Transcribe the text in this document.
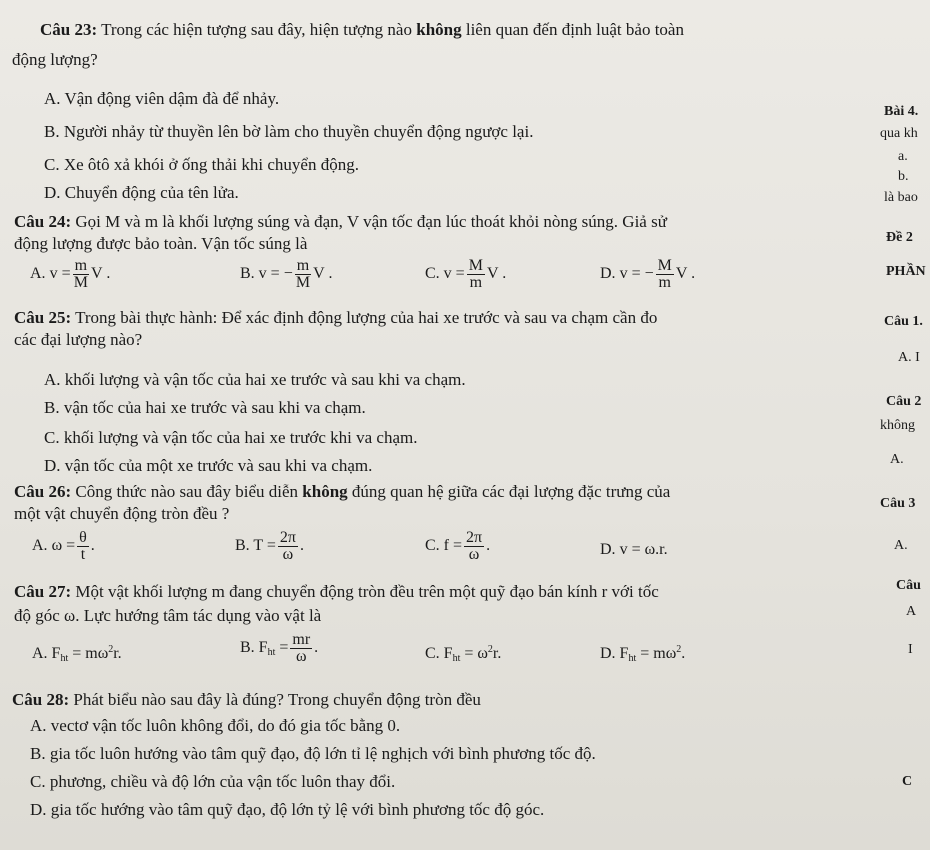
Câu 23: Trong các hiện tượng sau đây, hiện tượng nào không liên quan đến định luật bảo toàn
động lượng?
A. Vận động viên dậm đà để nhảy.
B. Người nhảy từ thuyền lên bờ làm cho thuyền chuyển động ngược lại.
C. Xe ôtô xả khói ở ống thải khi chuyển động.
D. Chuyển động của tên lửa.
Câu 24: Gọi M và m là khối lượng súng và đạn, V vận tốc đạn lúc thoát khỏi nòng súng. Giả sử
động lượng được bảo toàn. Vận tốc súng là
A. $v = \frac{m}{M}$ V .	B. v = − $\frac{m}{M}$ V .	C. $v = \frac{M}{m}$ V .	D. v = − $\frac{M}{m}$ V .
Câu 25: Trong bài thực hành: Để xác định động lượng của hai xe trước và sau va chạm cần đo
các đại lượng nào?
A. khối lượng và vận tốc của hai xe trước và sau khi va chạm.
B. vận tốc của hai xe trước và sau khi va chạm.
C. khối lượng và vận tốc của hai xe trước khi va chạm.
D. vận tốc của một xe trước và sau khi va chạm.
Câu 26: Công thức nào sau đây biểu diễn không đúng quan hệ giữa các đại lượng đặc trưng của
một vật chuyển động tròn đều ?
A. $\omega = \frac{\theta}{t}$ .	B. $T = \frac{2\pi}{\omega}$ .	C. $f = \frac{2\pi}{\omega}$ .	D. v = ω.r.
Câu 27: Một vật khối lượng m đang chuyển động tròn đều trên một quỹ đạo bán kính r với tốc
độ góc ω. Lực hướng tâm tác dụng vào vật là
A. $F_{ht} = m\omega^2r$.	B. $F_{ht} = \frac{mr}{\omega}$ .	C. $F_{ht} = \omega^2r$.	D. $F_{ht} = m\omega^2$.
Câu 28: Phát biểu nào sau đây là đúng? Trong chuyển động tròn đều
A. vectơ vận tốc luôn không đổi, do đó gia tốc bằng 0.
B. gia tốc luôn hướng vào tâm quỹ đạo, độ lớn tỉ lệ nghịch với bình phương tốc độ.
C. phương, chiều và độ lớn của vận tốc luôn thay đổi.
D. gia tốc hướng vào tâm quỹ đạo, độ lớn tỷ lệ với bình phương tốc độ góc.
Bài 4.
qua kh
a.
b.
là bao
Đề 2
PHẦN
Câu 1.
A. I
Câu 2
không
A.
Câu 3
A.
Câu
A
I
C
